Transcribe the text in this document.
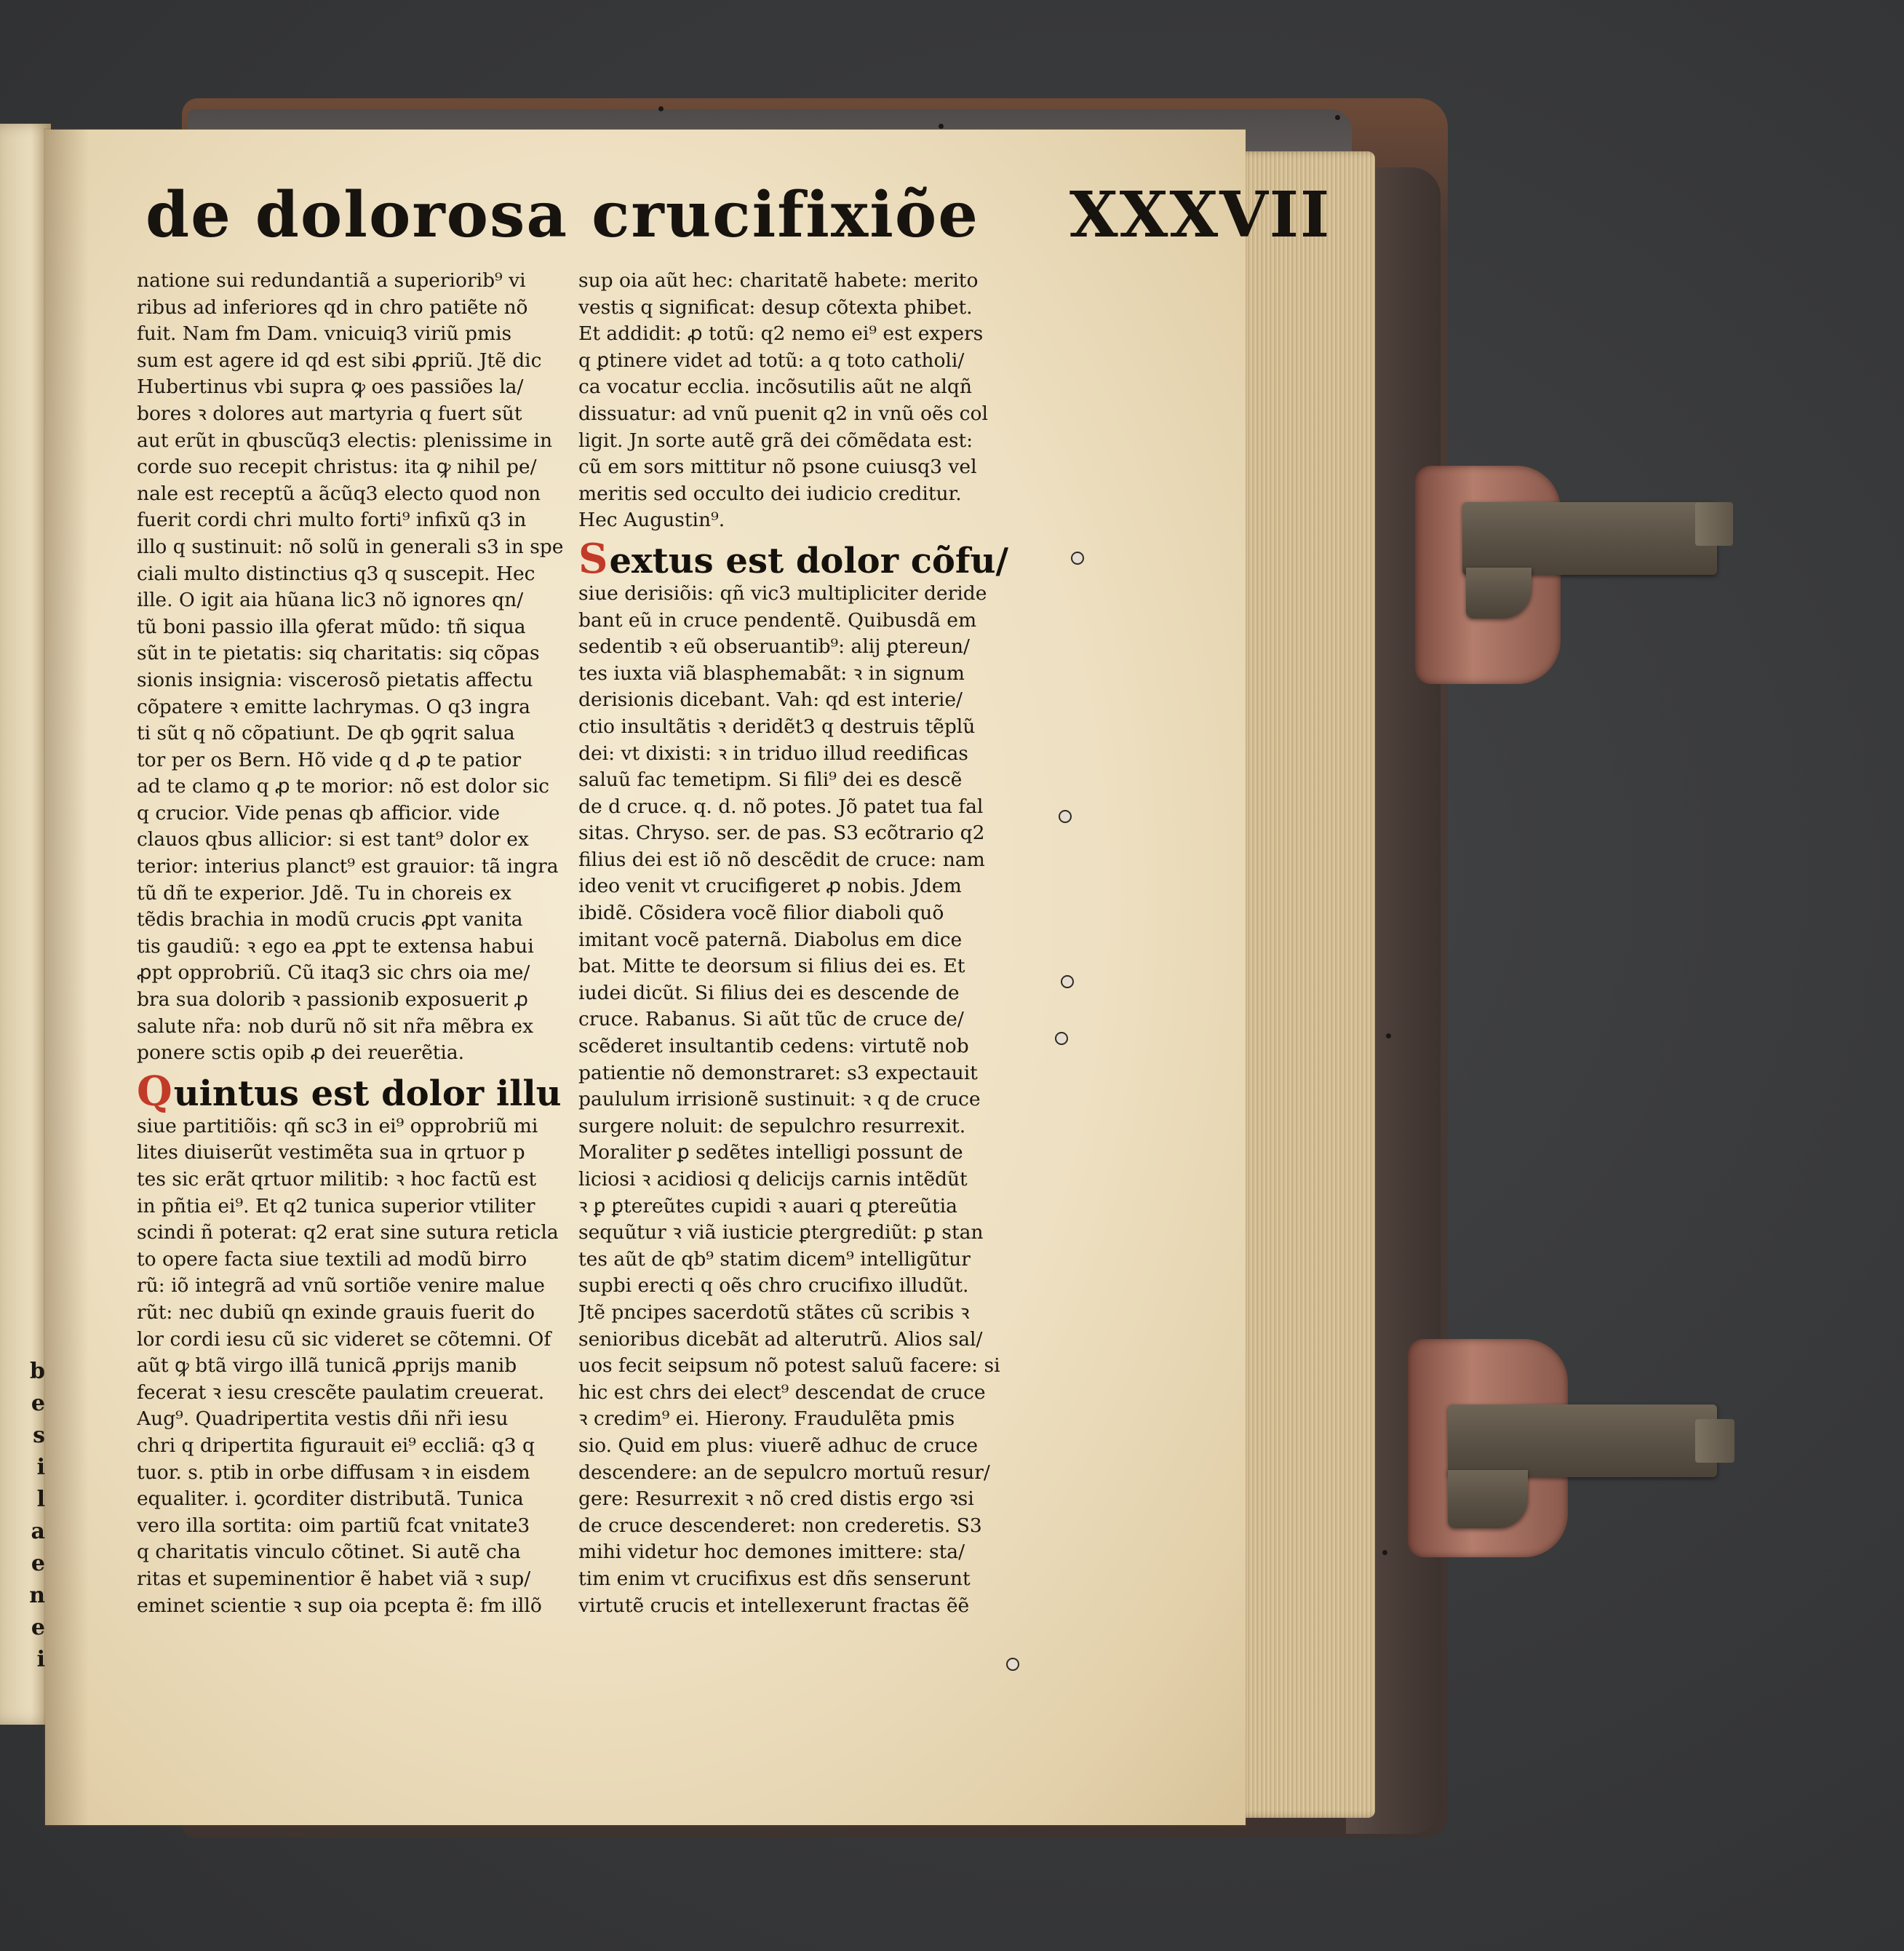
b
e
s
i
l
a
e
n
e
i
de dolorosa crucifixiõe XXXVII
natione sui redundantiã a superiorib⁹ vi
ribus ad inferiores qd in chro patiẽte nõ
fuit. Nam fm Dam. vnicuiq3 viriũ pmis
sum est agere id qd est sibi ꝓpriũ. Jtẽ dic
Hubertinus vbi supra ꝙ oes passiões la/
bores ꝛ dolores aut martyria q fuert sũt
aut erũt in qbuscũq3 electis: plenissime in
corde suo recepit christus: ita ꝙ nihil pe/
nale est receptũ a ãcũq3 electo quod non
fuerit cordi chri multo forti⁹ infixũ q3 in
illo q sustinuit: nõ solũ in generali s3 in spe
ciali multo distinctius q3 q suscepit. Hec
ille. O igit aia hũana lic3 nõ ignores qn/
tũ boni passio illa ꝯferat mũdo: tñ siqua
sũt in te pietatis: siq charitatis: siq cõpas
sionis insignia: viscerosõ pietatis affectu
cõpatere ꝛ emitte lachrymas. O q3 ingra
ti sũt q nõ cõpatiunt. De qb ꝯqrit salua
tor per os Bern. Hõ vide q d ꝓ te patior
ad te clamo q ꝓ te morior: nõ est dolor sic
q crucior. Vide penas qb afficior. vide
clauos qbus allicior: si est tant⁹ dolor ex
terior: interius planct⁹ est grauior: tã ingra
tũ dñ te experior. Jdẽ. Tu in choreis ex
tẽdis brachia in modũ crucis ꝓpt vanita
tis gaudiũ: ꝛ ego ea ꝓpt te extensa habui
ꝓpt opprobriũ. Cũ itaq3 sic chrs oia me/
bra sua dolorib ꝛ passionib exposuerit ꝓ
salute nr̃a: nob durũ nõ sit nr̃a mẽbra ex
ponere sctis opib ꝓ dei reuerẽtia.
Quintus est dolor illu
siue partitiõis: qñ sc3 in ei⁹ opprobriũ mi
lites diuiserũt vestimẽta sua in qrtuor p
tes sic erãt qrtuor militib: ꝛ hoc factũ est
in pñtia ei⁹. Et q2 tunica superior vtiliter
scindi ñ poterat: q2 erat sine sutura reticla
to opere facta siue textili ad modũ birro
rũ: iõ integrã ad vnũ sortiõe venire malue
rũt: nec dubiũ qn exinde grauis fuerit do
lor cordi iesu cũ sic videret se cõtemni. Of
aũt ꝙ btã virgo illã tunicã ꝓprijs manib
fecerat ꝛ iesu crescẽte paulatim creuerat.
Aug⁹. Quadripertita vestis dñi nr̃i iesu
chri q dripertita figurauit ei⁹ eccliã: q3 q
tuor. s. ptib in orbe diffusam ꝛ in eisdem
equaliter. i. ꝯcorditer distributã. Tunica
vero illa sortita: oim partiũ fcat vnitate3
q charitatis vinculo cõtinet. Si autẽ cha
ritas et supeminentior ẽ habet viã ꝛ sup/
eminet scientie ꝛ sup oia pcepta ẽ: fm illõ
sup oia aũt hec: charitatẽ habete: merito
vestis q significat: desup cõtexta phibet.
Et addidit: ꝓ totũ: q2 nemo ei⁹ est expers
q ꝑtinere videt ad totũ: a q toto catholi/
ca vocatur ecclia. incõsutilis aũt ne alqñ
dissuatur: ad vnũ puenit q2 in vnũ oẽs col
ligit. Jn sorte autẽ grã dei cõmẽdata est:
cũ em sors mittitur nõ psone cuiusq3 vel
meritis sed occulto dei iudicio creditur.
Hec Augustin⁹.
Sextus est dolor cõfu/
siue derisiõis: qñ vic3 multipliciter deride
bant eũ in cruce pendentẽ. Quibusdã em
sedentib ꝛ eũ obseruantib⁹: alij ꝑtereun/
tes iuxta viã blasphemabãt: ꝛ in signum
derisionis dicebant. Vah: qd est interie/
ctio insultãtis ꝛ deridẽt3 q destruis tẽplũ
dei: vt dixisti: ꝛ in triduo illud reedificas
saluũ fac temetipm. Si fili⁹ dei es descẽ
de d cruce. q. d. nõ potes. Jõ patet tua fal
sitas. Chryso. ser. de pas. S3 ecõtrario q2
filius dei est iõ nõ descẽdit de cruce: nam
ideo venit vt crucifigeret ꝓ nobis. Jdem
ibidẽ. Cõsidera vocẽ filior diaboli quõ
imitant vocẽ paternã. Diabolus em dice
bat. Mitte te deorsum si filius dei es. Et
iudei dicũt. Si filius dei es descende de
cruce. Rabanus. Si aũt tũc de cruce de/
scẽderet insultantib cedens: virtutẽ nob
patientie nõ demonstraret: s3 expectauit
paululum irrisionẽ sustinuit: ꝛ q de cruce
surgere noluit: de sepulchro resurrexit.
Moraliter ꝑ sedẽtes intelligi possunt de
liciosi ꝛ acidiosi q delicijs carnis intẽdũt
ꝛ ꝑ ꝑtereũtes cupidi ꝛ auari q ꝑtereũtia
sequũtur ꝛ viã iusticie ꝑtergrediũt: ꝑ stan
tes aũt de qb⁹ statim dicem⁹ intelligũtur
supbi erecti q oẽs chro crucifixo illudũt.
Jtẽ pncipes sacerdotũ stãtes cũ scribis ꝛ
senioribus dicebãt ad alterutrũ. Alios sal/
uos fecit seipsum nõ potest saluũ facere: si
hic est chrs dei elect⁹ descendat de cruce
ꝛ credim⁹ ei. Hierony. Fraudulẽta pmis
sio. Quid em plus: viuerẽ adhuc de cruce
descendere: an de sepulcro mortuũ resur/
gere: Resurrexit ꝛ nõ cred distis ergo ꝛsi
de cruce descenderet: non crederetis. S3
mihi videtur hoc demones imittere: sta/
tim enim vt crucifixus est dñs senserunt
virtutẽ crucis et intellexerunt fractas ẽẽ
